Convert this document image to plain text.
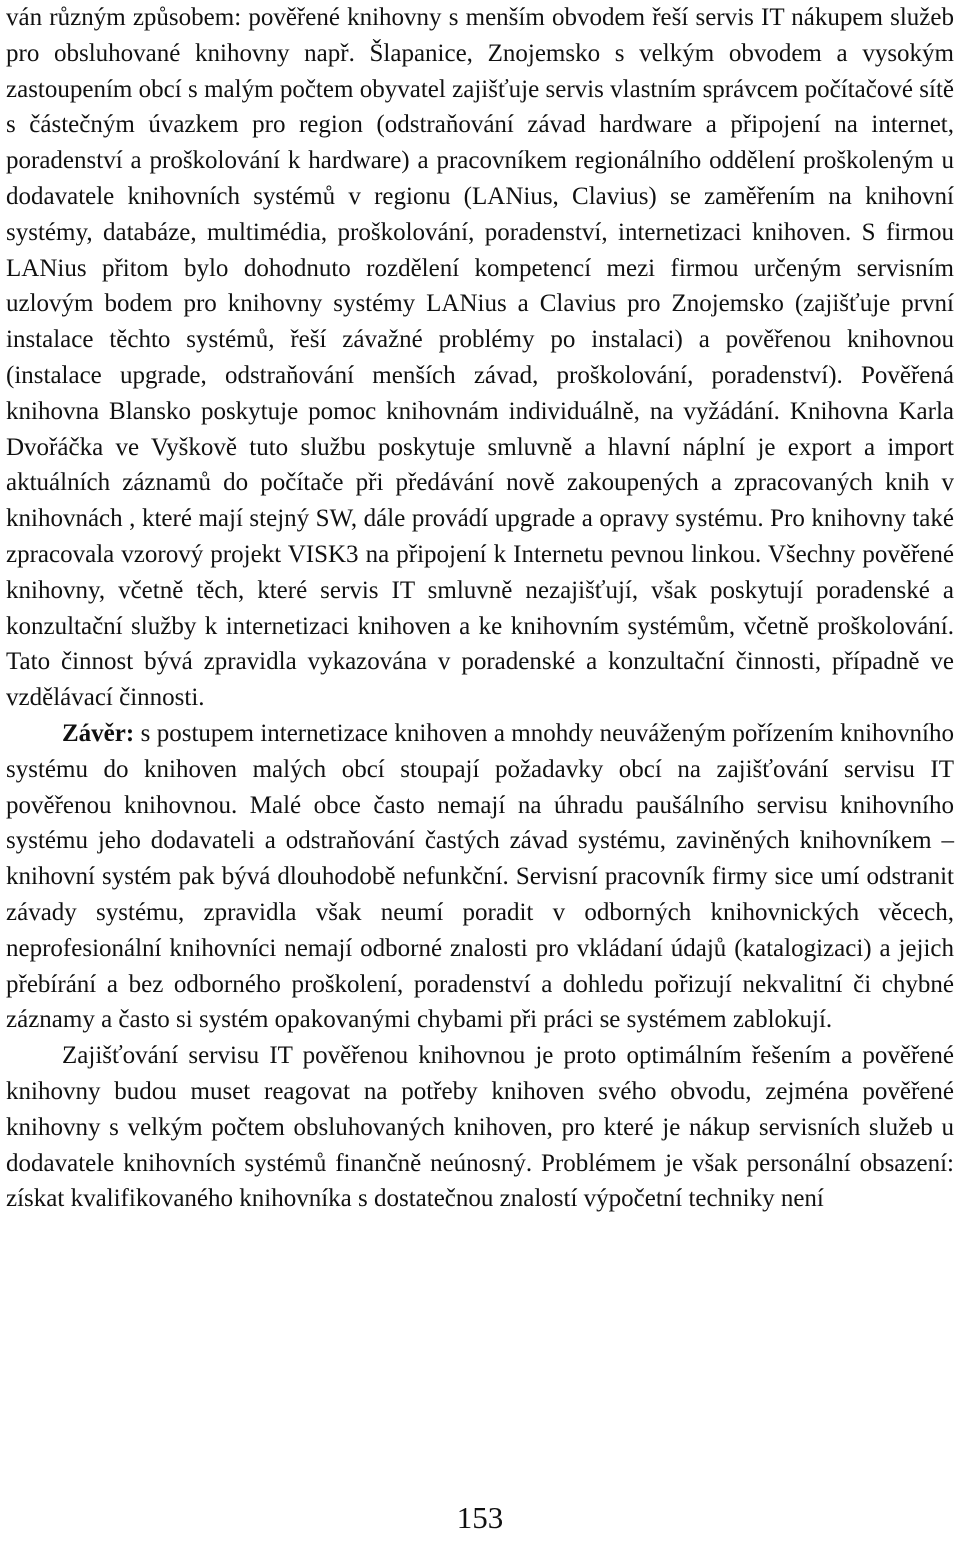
ván různým způsobem: pověřené knihovny s menším obvodem řeší servis IT nákupem služeb pro obsluhované knihovny např. Šlapanice, Znojemsko s velkým obvodem a vysokým zastoupením obcí s malým počtem obyvatel zajišťuje servis vlastním správcem počítačové sítě s částečným úvazkem pro region (odstraňování závad hardware a připojení na internet, poradenství a proškolování k hardware) a pracovníkem regionálního oddělení proškoleným u dodavatele knihovních systémů v regionu (LANius, Clavius) se zaměřením na knihovní systémy, databáze, multimédia, proškolování, poradenství, internetizaci knihoven. S firmou LANius přitom bylo dohodnuto rozdělení kompetencí mezi firmou určeným servisním uzlovým bodem pro knihovny systémy LANius a Clavius pro Znojemsko (zajišťuje první instalace těchto systémů, řeší závažné problémy po instalaci) a pověřenou knihovnou (instalace upgrade, odstraňování menších závad, proškolování, poradenství). Pověřená knihovna Blansko poskytuje pomoc knihovnám individuálně, na vyžádání. Knihovna Karla Dvořáčka ve Vyškově tuto službu poskytuje smluvně a hlavní náplní je export a import aktuálních záznamů do počítače při předávání nově zakoupených a zpracovaných knih v knihovnách , které mají stejný SW, dále provádí upgrade a opravy systému. Pro knihovny také zpracovala vzorový projekt VISK3 na připojení k Internetu pevnou linkou. Všechny pověřené knihovny, včetně těch, které servis IT smluvně nezajišťují, však poskytují poradenské a konzultační služby k internetizaci knihoven a ke knihovním systémům, včetně proškolování. Tato činnost bývá zpravidla vykazována v poradenské a konzultační činnosti, případně ve vzdělávací činnosti.

Závěr: s postupem internetizace knihoven a mnohdy neuváženým pořízením knihovního systému do knihoven malých obcí stoupají požadavky obcí na zajišťování servisu IT pověřenou knihovnou. Malé obce často nemají na úhradu paušálního servisu knihovního systému jeho dodavateli a odstraňování častých závad systému, zaviněných knihovníkem – knihovní systém pak bývá dlouhodobě nefunkční. Servisní pracovník firmy sice umí odstranit závady systému, zpravidla však neumí poradit v odborných knihovnických věcech, neprofesionální knihovníci nemají odborné znalosti pro vkládaní údajů (katalogizaci) a jejich přebírání a bez odborného proškolení, poradenství a dohledu pořizují nekvalitní či chybné záznamy a často si systém opakovanými chybami při práci se systémem zablokují.

Zajišťování servisu IT pověřenou knihovnou je proto optimálním řešením a pověřené knihovny budou muset reagovat na potřeby knihoven svého obvodu, zejména pověřené knihovny s velkým počtem obsluhovaných knihoven, pro které je nákup servisních služeb u dodavatele knihovních systémů finančně neúnosný. Problémem je však personální obsazení: získat kvalifikovaného knihovníka s dostatečnou znalostí výpočetní techniky není

153
